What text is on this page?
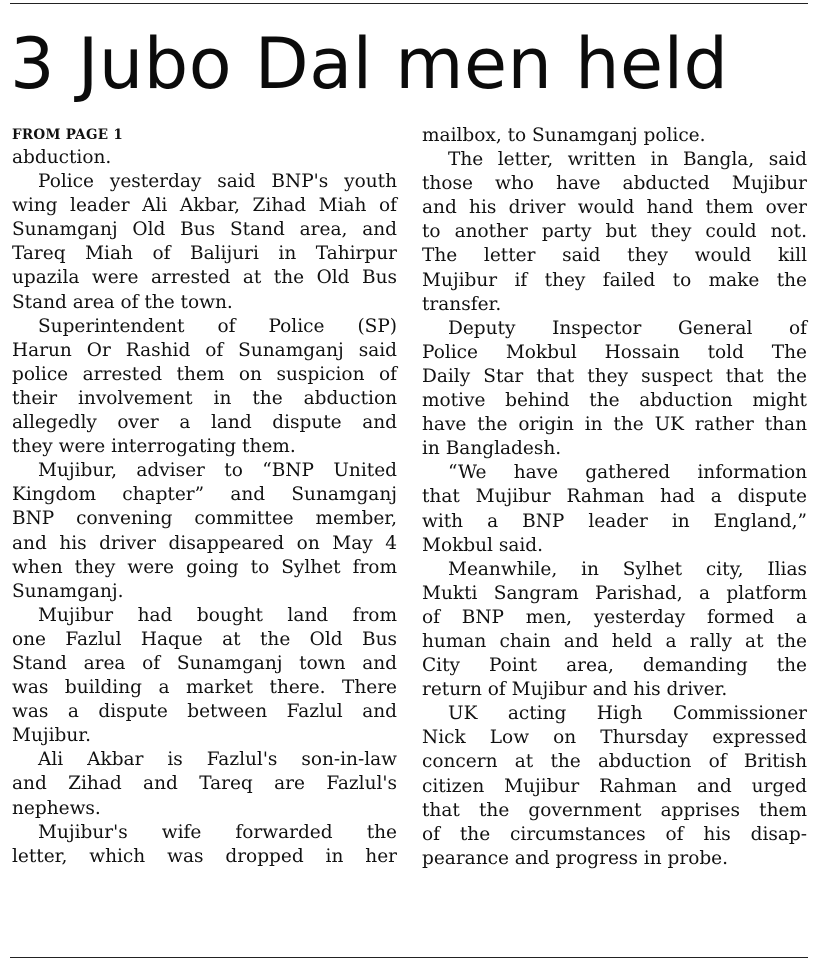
3 Jubo Dal men held
FROM PAGE 1
abduction.
Police yesterday said BNP's youth
wing leader Ali Akbar, Zihad Miah of
Sunamganj Old Bus Stand area, and
Tareq Miah of Balijuri in Tahirpur
upazila were arrested at the Old Bus
Stand area of the town.
Superintendent of Police (SP)
Harun Or Rashid of Sunamganj said
police arrested them on suspicion of
their involvement in the abduction
allegedly over a land dispute and
they were interrogating them.
Mujibur, adviser to “BNP United
Kingdom chapter” and Sunamganj
BNP convening committee member,
and his driver disappeared on May 4
when they were going to Sylhet from
Sunamganj.
Mujibur had bought land from
one Fazlul Haque at the Old Bus
Stand area of Sunamganj town and
was building a market there. There
was a dispute between Fazlul and
Mujibur.
Ali Akbar is Fazlul's son-in-law
and Zihad and Tareq are Fazlul's
nephews.
Mujibur's wife forwarded the
letter, which was dropped in her
mailbox, to Sunamganj police.
The letter, written in Bangla, said
those who have abducted Mujibur
and his driver would hand them over
to another party but they could not.
The letter said they would kill
Mujibur if they failed to make the
transfer.
Deputy Inspector General of
Police Mokbul Hossain told The
Daily Star that they suspect that the
motive behind the abduction might
have the origin in the UK rather than
in Bangladesh.
“We have gathered information
that Mujibur Rahman had a dispute
with a BNP leader in England,”
Mokbul said.
Meanwhile, in Sylhet city, Ilias
Mukti Sangram Parishad, a platform
of BNP men, yesterday formed a
human chain and held a rally at the
City Point area, demanding the
return of Mujibur and his driver.
UK acting High Commissioner
Nick Low on Thursday expressed
concern at the abduction of British
citizen Mujibur Rahman and urged
that the government apprises them
of the circumstances of his disap-
pearance and progress in probe.
